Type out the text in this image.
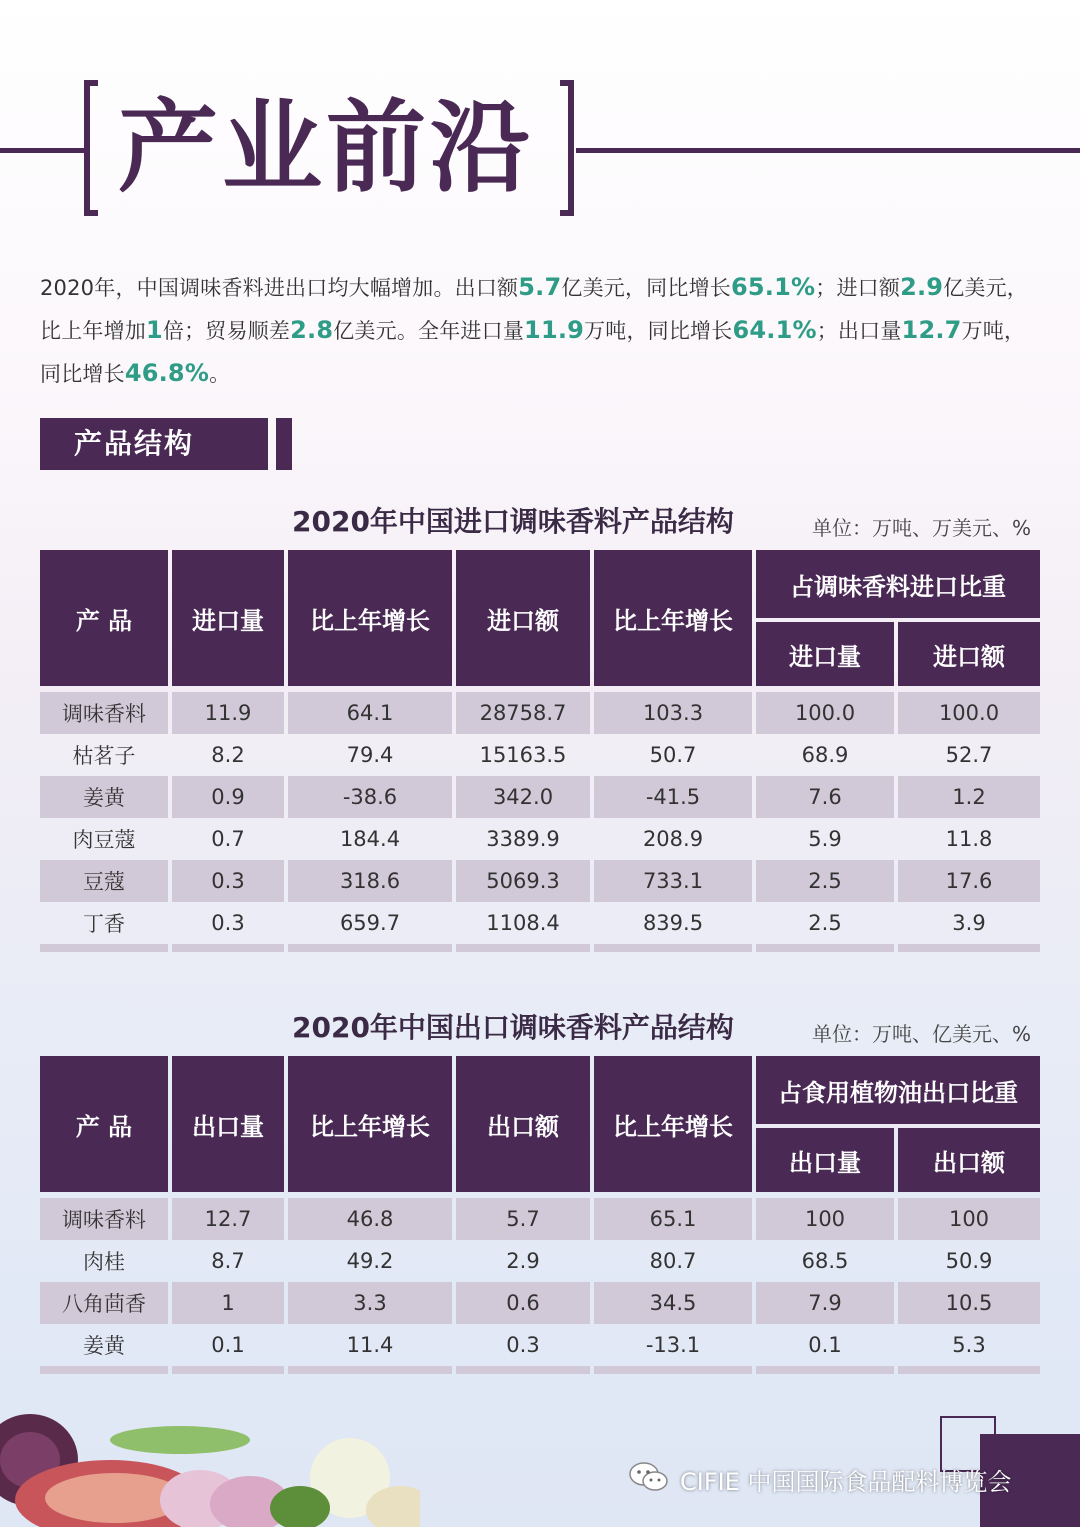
产业前沿
2020年，中国调味香料进出口均大幅增加。出口额5.7亿美元，同比增长65.1%；进口额2.9亿美元，比上年增加1倍；贸易顺差2.8亿美元。全年进口量11.9万吨，同比增长64.1%；出口量12.7万吨，同比增长46.8%。
产品结构
2020年中国进口调味香料产品结构	单位：万吨、万美元、%
产 品	进口量	比上年增长	进口额	比上年增长	占调味香料进口比重	
					进口量	进口额

调味香料	11.9	64.1	28758.7	103.3	100.0	100.0
枯茗子	8.2	79.4	15163.5	50.7	68.9	52.7
姜黄	0.9	-38.6	342.0	-41.5	7.6	1.2
肉豆蔻	0.7	184.4	3389.9	208.9	5.9	11.8
豆蔻	0.3	318.6	5069.3	733.1	2.5	17.6
丁香	0.3	659.7	1108.4	839.5	2.5	3.9

2020年中国出口调味香料产品结构	单位：万吨、亿美元、%
产 品	出口量	比上年增长	出口额	比上年增长	占食用植物油出口比重	
					出口量	出口额

调味香料	12.7	46.8	5.7	65.1	100	100
肉桂	8.7	49.2	2.9	80.7	68.5	50.9
八角茴香	1	3.3	0.6	34.5	7.9	10.5
姜黄	0.1	11.4	0.3	-13.1	0.1	5.3

CIFIE 中国国际食品配料博览会
